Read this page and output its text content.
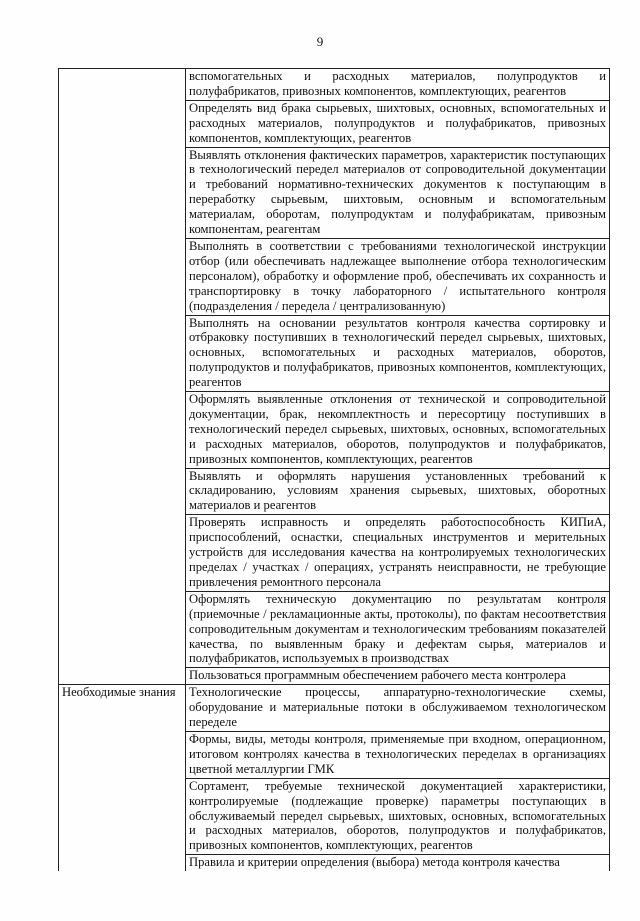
9
	вспомогательных и расходных материалов, полупродуктов и полуфабрикатов, привозных компонентов, комплектующих, реагентов
	Определять вид брака сырьевых, шихтовых, основных, вспомогательных и расходных материалов, полупродуктов и полуфабрикатов, привозных компонентов, комплектующих, реагентов
	Выявлять отклонения фактических параметров, характеристик поступающих в технологический передел материалов от сопроводительной документации и требований нормативно-технических документов к поступающим в переработку сырьевым, шихтовым, основным и вспомогательным материалам, оборотам, полупродуктам и полуфабрикатам, привозным компонентам, реагентам
	Выполнять в соответствии с требованиями технологической инструкции отбор (или обеспечивать надлежащее выполнение отбора технологическим персоналом), обработку и оформление проб, обеспечивать их сохранность и транспортировку в точку лабораторного / испытательного контроля (подразделения / передела / централизованную)
	Выполнять на основании результатов контроля качества сортировку и отбраковку поступивших в технологический передел сырьевых, шихтовых, основных, вспомогательных и расходных материалов, оборотов, полупродуктов и полуфабрикатов, привозных компонентов, комплектующих, реагентов
	Оформлять выявленные отклонения от технической и сопроводительной документации, брак, некомплектность и пересортицу поступивших в технологический передел сырьевых, шихтовых, основных, вспомогательных и расходных материалов, оборотов, полупродуктов и полуфабрикатов, привозных компонентов, комплектующих, реагентов
	Выявлять и оформлять нарушения установленных требований к складированию, условиям хранения сырьевых, шихтовых, оборотных материалов и реагентов
	Проверять исправность и определять работоспособность КИПиА, приспособлений, оснастки, специальных инструментов и мерительных устройств для исследования качества на контролируемых технологических пределах / участках / операциях, устранять неисправности, не требующие привлечения ремонтного персонала
	Оформлять техническую документацию по результатам контроля (приемочные / рекламационные акты, протоколы), по фактам несоответствия сопроводительным документам и технологическим требованиям показателей качества, по выявленным браку и дефектам сырья, материалов и полуфабрикатов, используемых в производствах
	Пользоваться программным обеспечением рабочего места контролера
Необходимые знания	Технологические процессы, аппаратурно-технологические схемы, оборудование и материальные потоки в обслуживаемом технологическом переделе
	Формы, виды, методы контроля, применяемые при входном, операционном, итоговом контролях качества в технологических переделах в организациях цветной металлургии ГМК
	Сортамент, требуемые технической документацией характеристики, контролируемые (подлежащие проверке) параметры поступающих в обслуживаемый передел сырьевых, шихтовых, основных, вспомогательных и расходных материалов, оборотов, полупродуктов и полуфабрикатов, привозных компонентов, комплектующих, реагентов
	Правила и критерии определения (выбора) метода контроля качества
